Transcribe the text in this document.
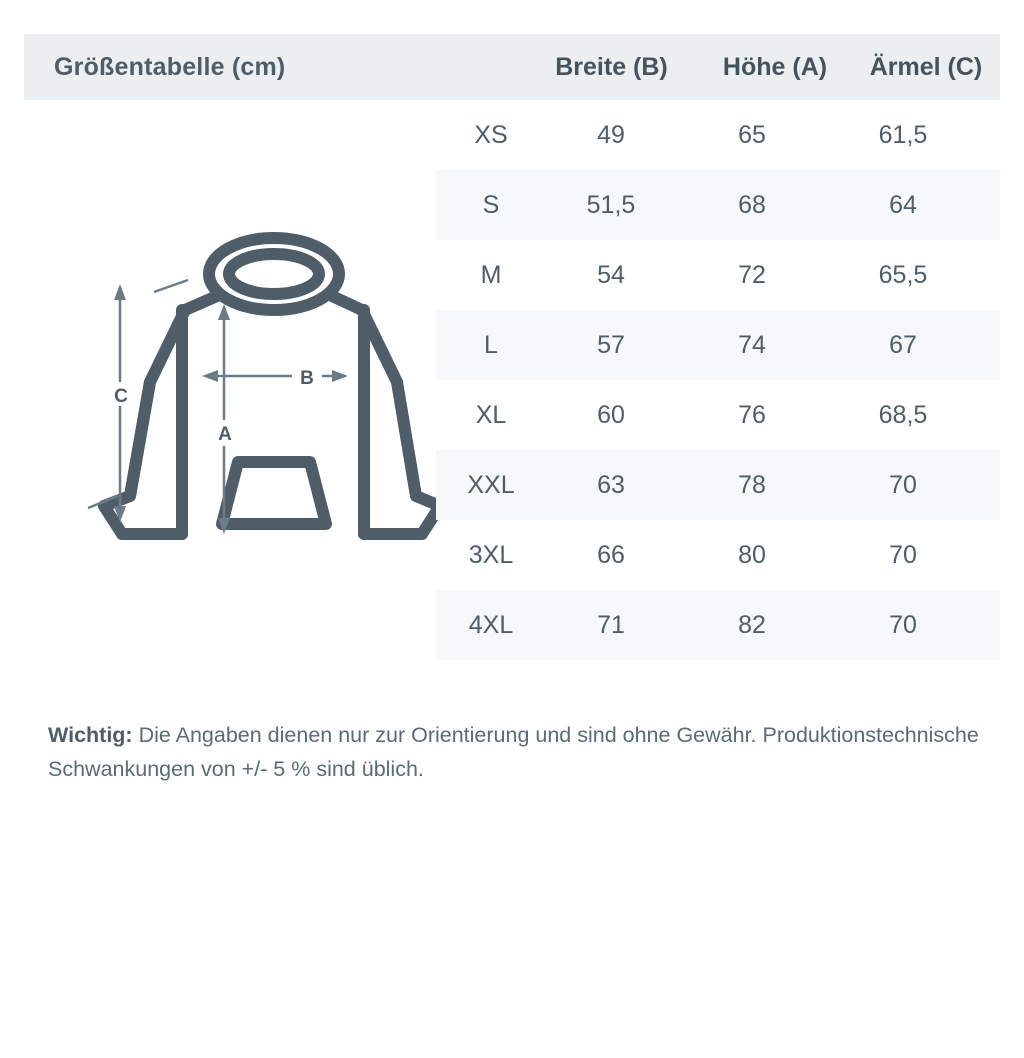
Größentabelle (cm)	Breite (B)	Höhe (A)	Ärmel (C)
C
B
A
XS	49	65	61,5
S	51,5	68	64
M	54	72	65,5
L	57	74	67
XL	60	76	68,5
XXL	63	78	70
3XL	66	80	70
4XL	71	82	70
Wichtig: Die Angaben dienen nur zur Orientierung und sind ohne Gewähr. Produktionstechnische Schwankungen von +/- 5 % sind üblich.
